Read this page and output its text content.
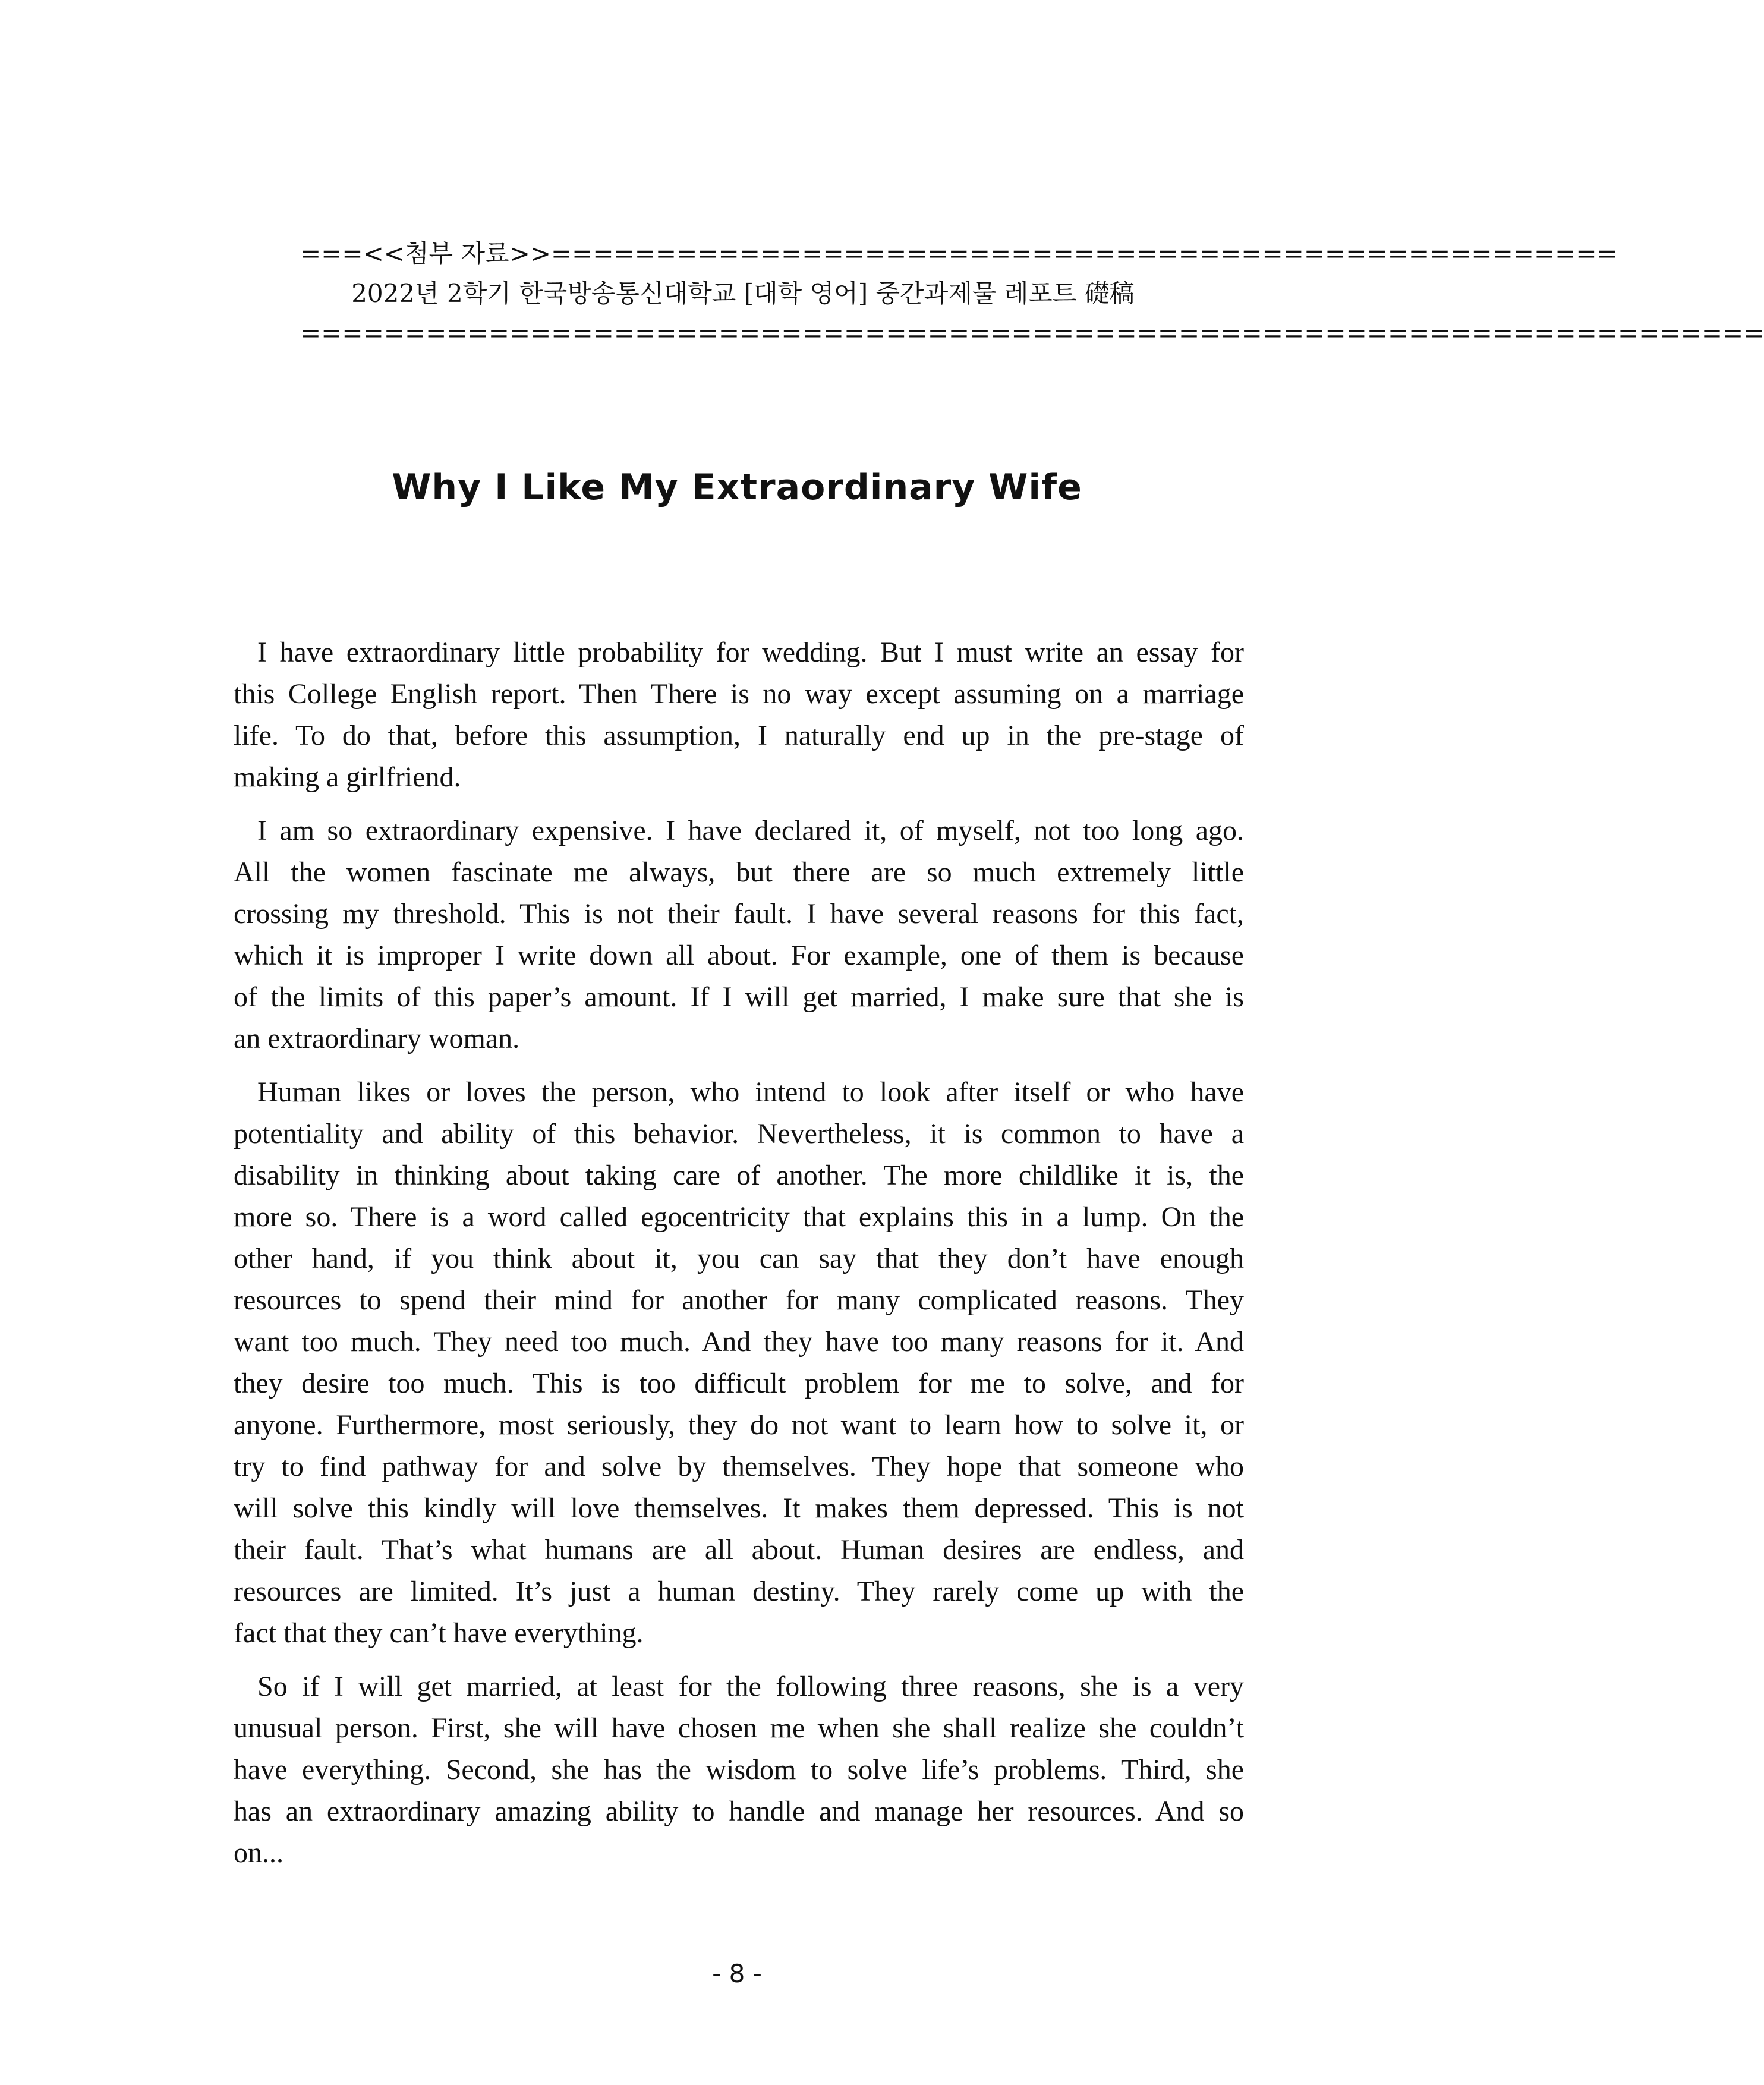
===<<첨부 자료>>===================================================
2022년 2학기 한국방송통신대학교 [대학 영어] 중간과제물 레포트 礎稿
======================================================================
Why I Like My Extraordinary Wife
I have extraordinary little probability for wedding. But I must write an essay for
this College English report. Then There is no way except assuming on a marriage
life. To do that, before this assumption, I naturally end up in the pre-stage of
making a girlfriend.
I am so extraordinary expensive. I have declared it, of myself, not too long ago.
All the women fascinate me always, but there are so much extremely little
crossing my threshold. This is not their fault. I have several reasons for this fact,
which it is improper I write down all about. For example, one of them is because
of the limits of this paper’s amount. If I will get married, I make sure that she is
an extraordinary woman.
Human likes or loves the person, who intend to look after itself or who have
potentiality and ability of this behavior. Nevertheless, it is common to have a
disability in thinking about taking care of another. The more childlike it is, the
more so. There is a word called egocentricity that explains this in a lump. On the
other hand, if you think about it, you can say that they don’t have enough
resources to spend their mind for another for many complicated reasons. They
want too much. They need too much. And they have too many reasons for it. And
they desire too much. This is too difficult problem for me to solve, and for
anyone. Furthermore, most seriously, they do not want to learn how to solve it, or
try to find pathway for and solve by themselves. They hope that someone who
will solve this kindly will love themselves. It makes them depressed. This is not
their fault. That’s what humans are all about. Human desires are endless, and
resources are limited. It’s just a human destiny. They rarely come up with the
fact that they can’t have everything.
So if I will get married, at least for the following three reasons, she is a very
unusual person. First, she will have chosen me when she shall realize she couldn’t
have everything. Second, she has the wisdom to solve life’s problems. Third, she
has an extraordinary amazing ability to handle and manage her resources. And so
on...
- 8 -
